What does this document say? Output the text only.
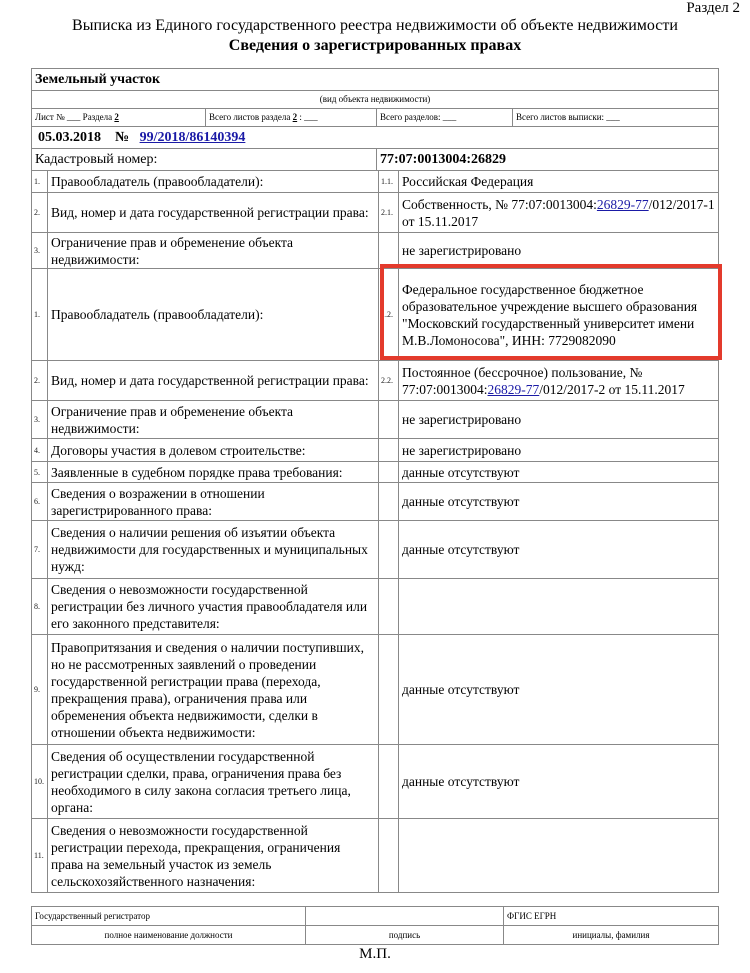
Раздел 2
Выписка из Единого государственного реестра недвижимости об объекте недвижимости
Сведения о зарегистрированных правах
Земельный участок			
(вид объекта недвижимости)			
Лист № ___ Раздела 2	Всего листов раздела 2 : ___	Всего разделов: ___	Всего листов выписки: ___
05.03.2018 № 99/2018/86140394			
Кадастровый номер:		77:07:0013004:26829	
1.	Правообладатель (правообладатели):	1.1.	Российская Федерация
2.	Вид, номер и дата государственной регистрации права:	2.1.	Собственность, № 77:07:0013004:26829-77/012/2017-1 от 15.11.2017
3.	Ограничение прав и обременение объекта недвижимости:		не зарегистрировано
1.	Правообладатель (правообладатели):	1.2.	Федеральное государственное бюджетное образовательное учреждение высшего образования "Московский государственный университет имени М.В.Ломоносова", ИНН: 7729082090
2.	Вид, номер и дата государственной регистрации права:	2.2.	Постоянное (бессрочное) пользование, № 77:07:0013004:26829-77/012/2017-2 от 15.11.2017
3.	Ограничение прав и обременение объекта недвижимости:		не зарегистрировано
4.	Договоры участия в долевом строительстве:		не зарегистрировано
5.	Заявленные в судебном порядке права требования:		данные отсутствуют
6.	Сведения о возражении в отношении зарегистрированного права:		данные отсутствуют
7.	Сведения о наличии решения об изъятии объекта недвижимости для государственных и муниципальных нужд:		данные отсутствуют
8.	Сведения о невозможности государственной регистрации без личного участия правообладателя или его законного представителя:		
9.	Правопритязания и сведения о наличии поступивших, но не рассмотренных заявлений о проведении государственной регистрации права (перехода, прекращения права), ограничения права или обременения объекта недвижимости, сделки в отношении объекта недвижимости:		данные отсутствуют
10.	Сведения об осуществлении государственной регистрации сделки, права, ограничения права без необходимого в силу закона согласия третьего лица, органа:		данные отсутствуют
11.	Сведения о невозможности государственной регистрации перехода, прекращения, ограничения права на земельный участок из земель сельскохозяйственного назначения:		
Государственный регистратор		ФГИС ЕГРН
полное наименование должности	подпись	инициалы, фамилия
М.П.
